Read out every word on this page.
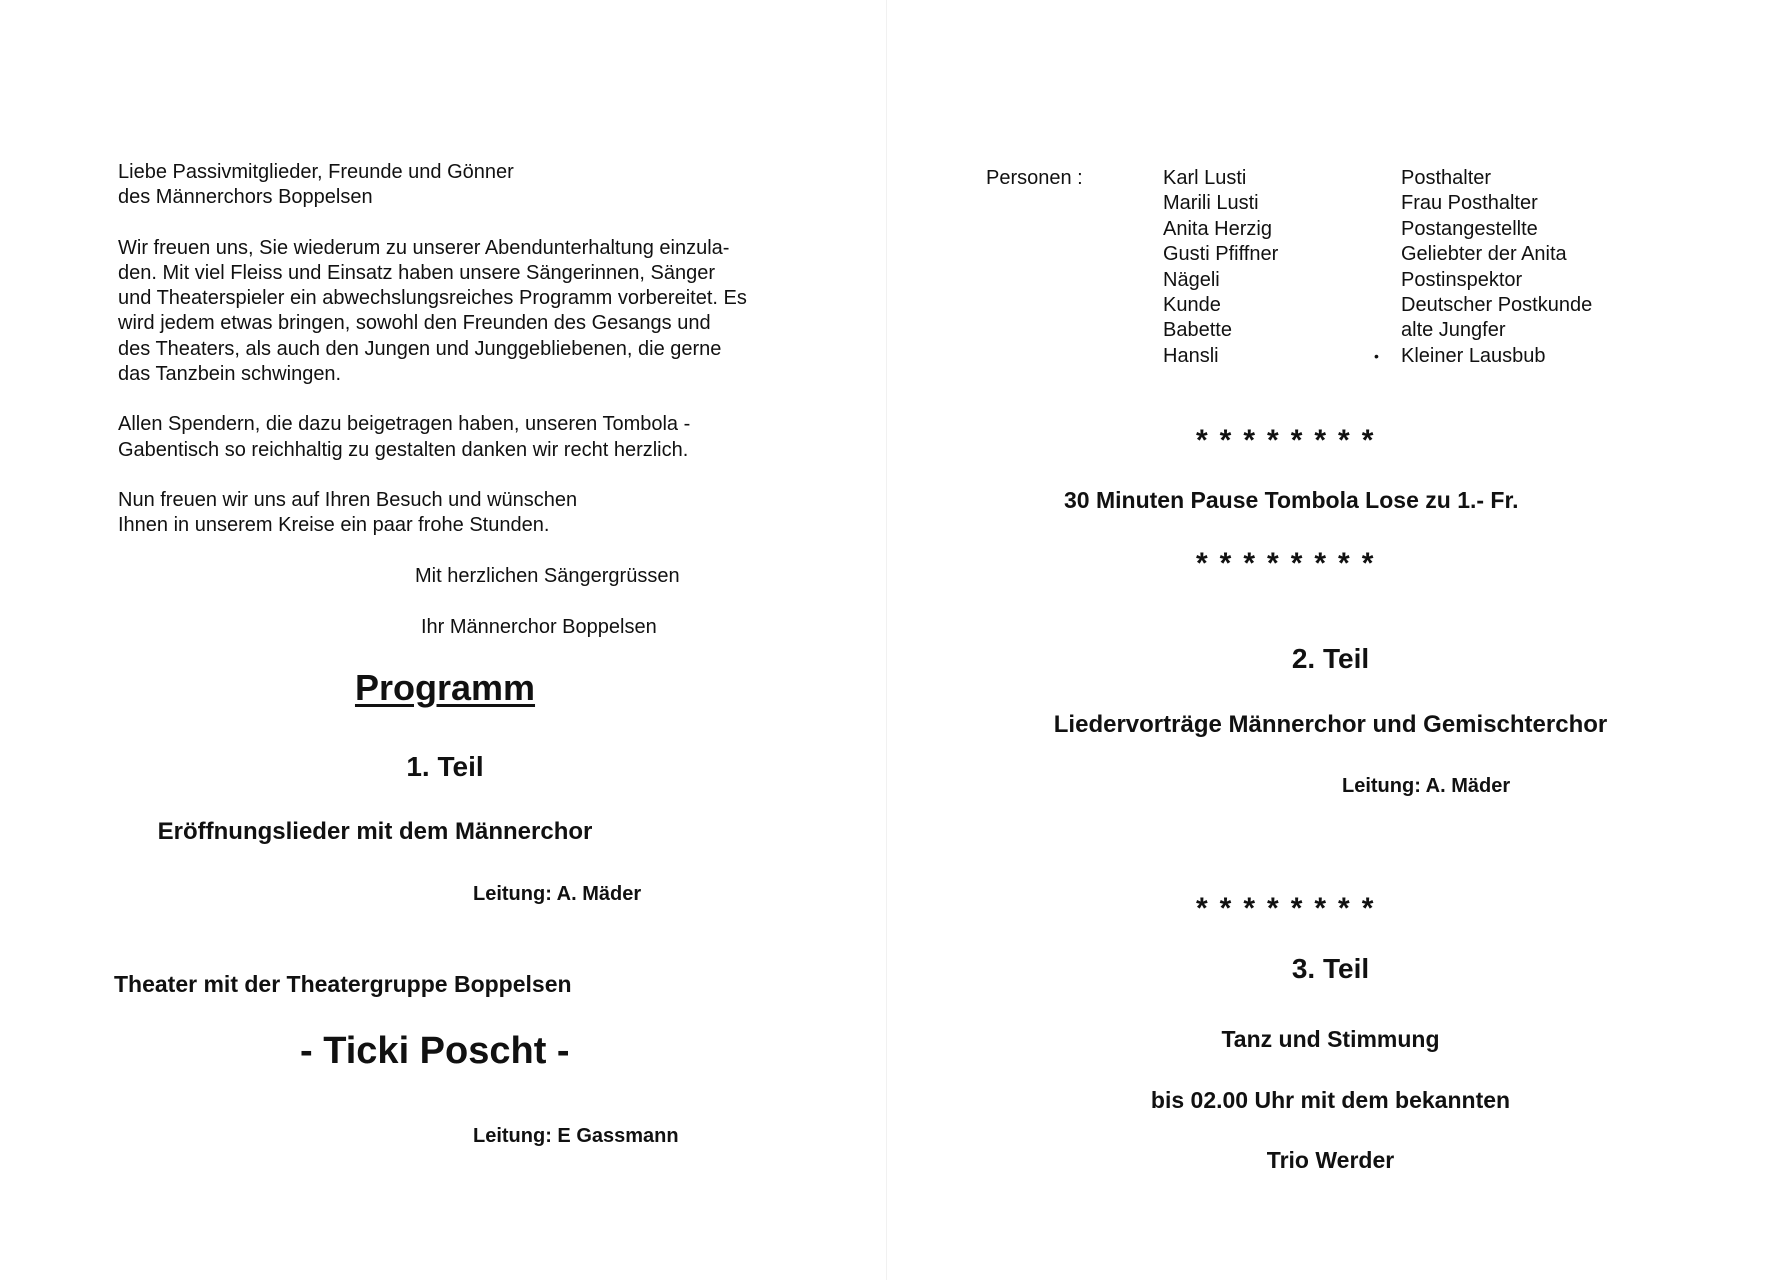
Liebe Passivmitglieder, Freunde und Gönner

des Männerchors Boppelsen

Wir freuen uns, Sie wiederum zu unserer Abendunterhaltung einzula-

den. Mit viel Fleiss und Einsatz haben unsere Sängerinnen, Sänger

und Theaterspieler ein abwechslungsreiches Programm vorbereitet. Es

wird jedem etwas bringen, sowohl den Freunden des Gesangs und

des Theaters, als auch den Jungen und Junggebliebenen, die gerne

das Tanzbein schwingen.

Allen Spendern, die dazu beigetragen haben, unseren Tombola -

Gabentisch so reichhaltig zu gestalten danken wir recht herzlich.

Nun freuen wir uns auf Ihren Besuch und wünschen

Ihnen in unserem Kreise ein paar frohe Stunden.

Mit herzlichen Sängergrüssen
Ihr Männerchor Boppelsen
Programm
1. Teil
Eröffnungslieder mit dem Männerchor
Leitung: A. Mäder
Theater mit der Theatergruppe Boppelsen
- Ticki Poscht -
Leitung: E Gassmann
Personen :	Karl Lusti	Posthalter
Marili Lusti	Frau Posthalter
Anita Herzig	Postangestellte
Gusti Pfiffner	Geliebter der Anita
Nägeli	Postinspektor
Kunde	Deutscher Postkunde
Babette	alte Jungfer
Hansli	• Kleiner Lausbub
********
30 Minuten Pause Tombola Lose zu 1.- Fr.
********
2. Teil
Liedervorträge Männerchor und Gemischterchor
Leitung: A. Mäder
********
3. Teil
Tanz und Stimmung
bis 02.00 Uhr mit dem bekannten
Trio Werder
